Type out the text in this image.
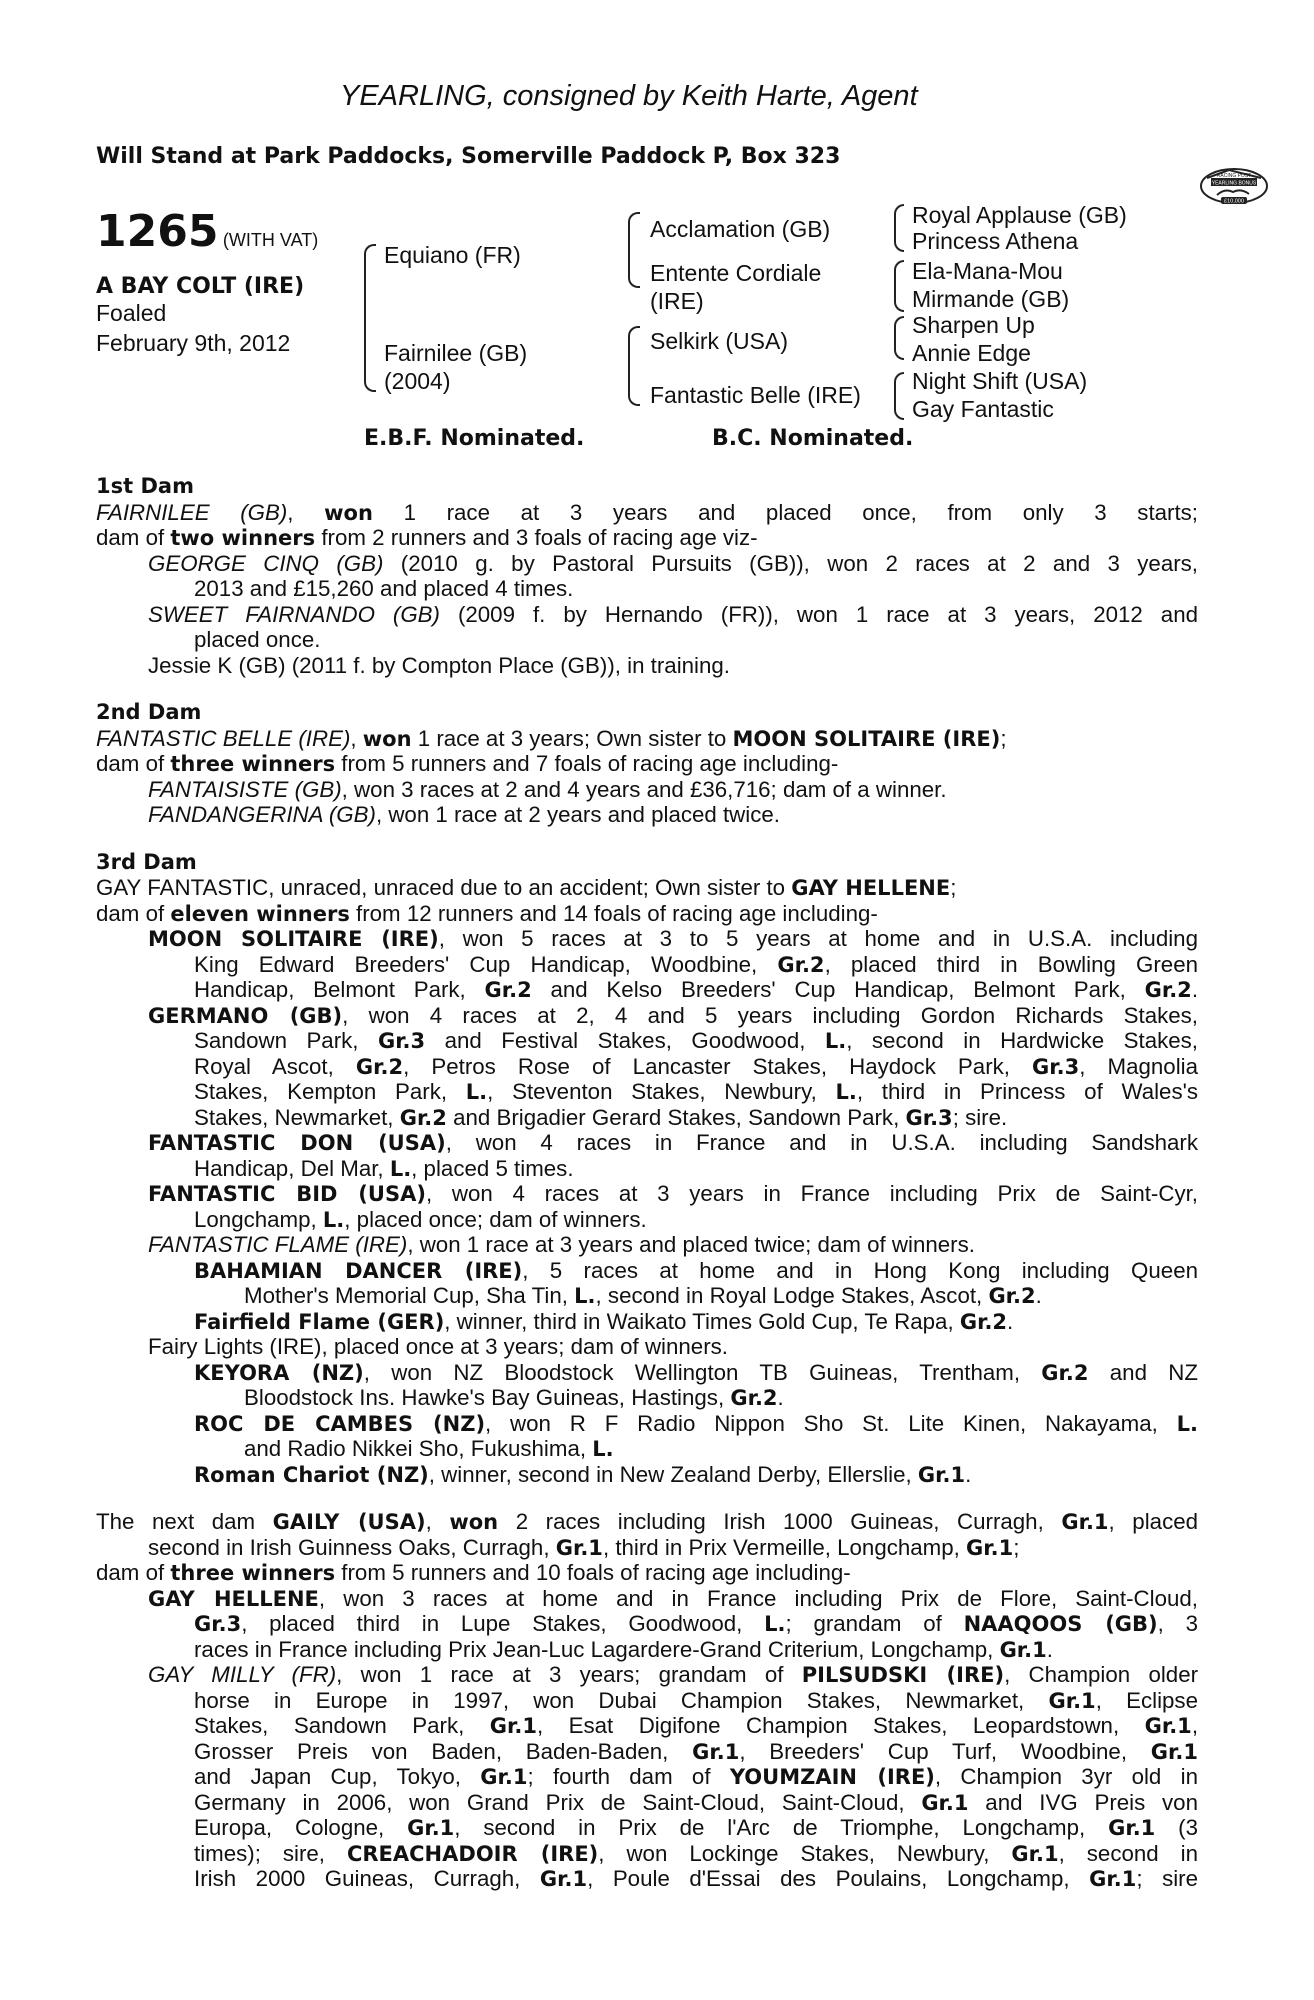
YEARLING, consigned by Keith Harte, Agent
Will Stand at Park Paddocks, Somerville Paddock P, Box 323
RACING POST
YEARLING BONUS
£10,000
1265 (WITH VAT)
A BAY COLT (IRE)
Foaled
February 9th, 2012
Equiano (FR)
Fairnilee (GB)
(2004)
Acclamation (GB)
Entente Cordiale
(IRE)
Selkirk (USA)
Fantastic Belle (IRE)
Royal Applause (GB)
Princess Athena
Ela-Mana-Mou
Mirmande (GB)
Sharpen Up
Annie Edge
Night Shift (USA)
Gay Fantastic
E.B.F. Nominated.	B.C. Nominated.
1st Dam
FAIRNILEE (GB), won 1 race at 3 years and placed once, from only 3 starts;
dam of two winners from 2 runners and 3 foals of racing age viz-
GEORGE CINQ (GB) (2010 g. by Pastoral Pursuits (GB)), won 2 races at 2 and 3 years,
2013 and £15,260 and placed 4 times.
SWEET FAIRNANDO (GB) (2009 f. by Hernando (FR)), won 1 race at 3 years, 2012 and
placed once.
Jessie K (GB) (2011 f. by Compton Place (GB)), in training.
2nd Dam
FANTASTIC BELLE (IRE), won 1 race at 3 years; Own sister to MOON SOLITAIRE (IRE);
dam of three winners from 5 runners and 7 foals of racing age including-
FANTAISISTE (GB), won 3 races at 2 and 4 years and £36,716; dam of a winner.
FANDANGERINA (GB), won 1 race at 2 years and placed twice.
3rd Dam
GAY FANTASTIC, unraced, unraced due to an accident; Own sister to GAY HELLENE;
dam of eleven winners from 12 runners and 14 foals of racing age including-
MOON SOLITAIRE (IRE), won 5 races at 3 to 5 years at home and in U.S.A. including
King Edward Breeders' Cup Handicap, Woodbine, Gr.2, placed third in Bowling Green
Handicap, Belmont Park, Gr.2 and Kelso Breeders' Cup Handicap, Belmont Park, Gr.2.
GERMANO (GB), won 4 races at 2, 4 and 5 years including Gordon Richards Stakes,
Sandown Park, Gr.3 and Festival Stakes, Goodwood, L., second in Hardwicke Stakes,
Royal Ascot, Gr.2, Petros Rose of Lancaster Stakes, Haydock Park, Gr.3, Magnolia
Stakes, Kempton Park, L., Steventon Stakes, Newbury, L., third in Princess of Wales's
Stakes, Newmarket, Gr.2 and Brigadier Gerard Stakes, Sandown Park, Gr.3; sire.
FANTASTIC DON (USA), won 4 races in France and in U.S.A. including Sandshark
Handicap, Del Mar, L., placed 5 times.
FANTASTIC BID (USA), won 4 races at 3 years in France including Prix de Saint-Cyr,
Longchamp, L., placed once; dam of winners.
FANTASTIC FLAME (IRE), won 1 race at 3 years and placed twice; dam of winners.
BAHAMIAN DANCER (IRE), 5 races at home and in Hong Kong including Queen
Mother's Memorial Cup, Sha Tin, L., second in Royal Lodge Stakes, Ascot, Gr.2.
Fairfield Flame (GER), winner, third in Waikato Times Gold Cup, Te Rapa, Gr.2.
Fairy Lights (IRE), placed once at 3 years; dam of winners.
KEYORA (NZ), won NZ Bloodstock Wellington TB Guineas, Trentham, Gr.2 and NZ
Bloodstock Ins. Hawke's Bay Guineas, Hastings, Gr.2.
ROC DE CAMBES (NZ), won R F Radio Nippon Sho St. Lite Kinen, Nakayama, L.
and Radio Nikkei Sho, Fukushima, L.
Roman Chariot (NZ), winner, second in New Zealand Derby, Ellerslie, Gr.1.
The next dam GAILY (USA), won 2 races including Irish 1000 Guineas, Curragh, Gr.1, placed
second in Irish Guinness Oaks, Curragh, Gr.1, third in Prix Vermeille, Longchamp, Gr.1;
dam of three winners from 5 runners and 10 foals of racing age including-
GAY HELLENE, won 3 races at home and in France including Prix de Flore, Saint-Cloud,
Gr.3, placed third in Lupe Stakes, Goodwood, L.; grandam of NAAQOOS (GB), 3
races in France including Prix Jean-Luc Lagardere-Grand Criterium, Longchamp, Gr.1.
GAY MILLY (FR), won 1 race at 3 years; grandam of PILSUDSKI (IRE), Champion older
horse in Europe in 1997, won Dubai Champion Stakes, Newmarket, Gr.1, Eclipse
Stakes, Sandown Park, Gr.1, Esat Digifone Champion Stakes, Leopardstown, Gr.1,
Grosser Preis von Baden, Baden-Baden, Gr.1, Breeders' Cup Turf, Woodbine, Gr.1
and Japan Cup, Tokyo, Gr.1; fourth dam of YOUMZAIN (IRE), Champion 3yr old in
Germany in 2006, won Grand Prix de Saint-Cloud, Saint-Cloud, Gr.1 and IVG Preis von
Europa, Cologne, Gr.1, second in Prix de l'Arc de Triomphe, Longchamp, Gr.1 (3
times); sire, CREACHADOIR (IRE), won Lockinge Stakes, Newbury, Gr.1, second in
Irish 2000 Guineas, Curragh, Gr.1, Poule d'Essai des Poulains, Longchamp, Gr.1; sire
